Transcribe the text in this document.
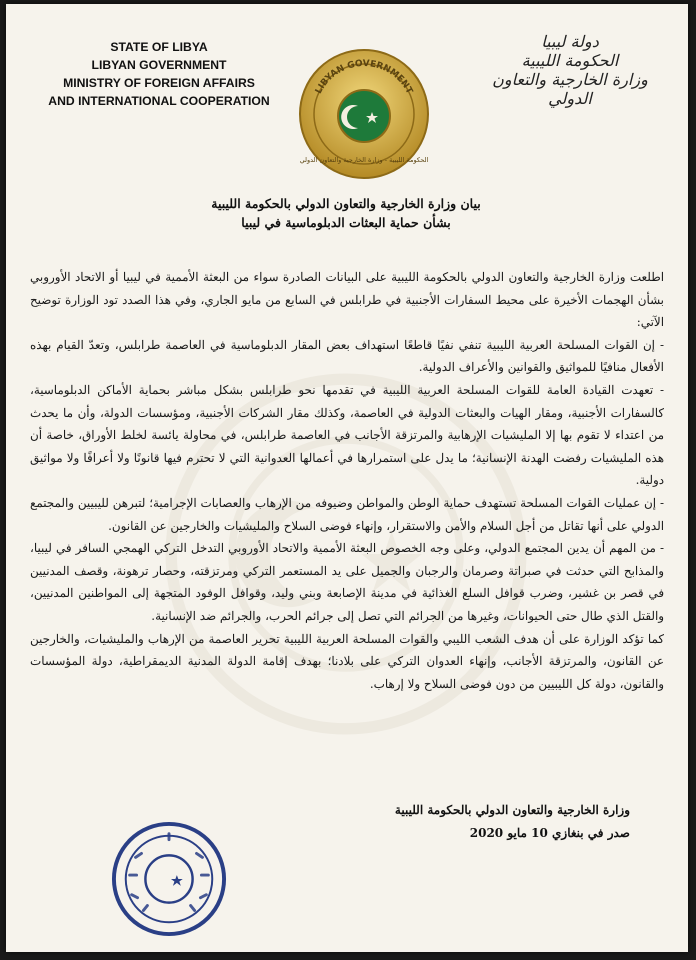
STATE OF LIBYA
LIBYAN GOVERNMENT
MINISTRY OF FOREIGN AFFAIRS
AND INTERNATIONAL COOPERATION
LIBYAN GOVERNMENT
الحكومة الليبية - وزارة الخارجية والتعاون الدولي
دولة ليبيا
الحكومة الليبية
وزارة الخارجية والتعاون الدولي
بيان وزارة الخارجية والتعاون الدولي بالحكومة الليبية
بشأن حماية البعثات الدبلوماسية في ليبيا

اطلعت وزارة الخارجية والتعاون الدولي بالحكومة الليبية على البيانات الصادرة سواء من البعثة الأممية في ليبيا أو الاتحاد الأوروبي بشأن الهجمات الأخيرة على محيط السفارات الأجنبية في طرابلس في السابع من مايو الجاري، وفي هذا الصدد تود الوزارة توضيح الآتي:

- إن القوات المسلحة العربية الليبية تنفي نفيًا قاطعًا استهداف بعض المقار الدبلوماسية في العاصمة طرابلس، وتعدّ القيام بهذه الأفعال منافيًا للمواثيق والقوانين والأعراف الدولية.

- تعهدت القيادة العامة للقوات المسلحة العربية الليبية في تقدمها نحو طرابلس بشكل مباشر بحماية الأماكن الدبلوماسية، كالسفارات الأجنبية، ومقار الهيات والبعثات الدولية في العاصمة، وكذلك مقار الشركات الأجنبية، ومؤسسات الدولة، وأن ما يحدث من اعتداء لا تقوم بها إلا المليشيات الإرهابية والمرتزقة الأجانب في العاصمة طرابلس، في محاولة يائسة لخلط الأوراق، خاصة أن هذه المليشيات رفضت الهدنة الإنسانية؛ ما يدل على استمرارها في أعمالها العدوانية التي لا تحترم فيها قانونًا ولا أعرافًا ولا مواثيق دولية.

- إن عمليات القوات المسلحة تستهدف حماية الوطن والمواطن وضيوفه من الإرهاب والعصابات الإجرامية؛ لتبرهن لليبيين والمجتمع الدولي على أنها تقاتل من أجل السلام والأمن والاستقرار، وإنهاء فوضى السلاح والمليشيات والخارجين عن القانون.

- من المهم أن يدين المجتمع الدولي، وعلى وجه الخصوص البعثة الأممية والاتحاد الأوروبي التدخل التركي الهمجي السافر في ليبيا، والمذابح التي حدثت في صبراتة وصرمان والرجبان والجميل على يد المستعمر التركي ومرتزقته، وحصار ترهونة، وقصف المدنيين في قصر بن غشير، وضرب قوافل السلع الغذائية في مدينة الإصابعة وبني وليد، وقوافل الوفود المتجهة إلى المواطنين المدنيين، والقتل الذي طال حتى الحيوانات، وغيرها من الجرائم التي تصل إلى جرائم الحرب، والجرائم ضد الإنسانية.

كما تؤكد الوزارة على أن هدف الشعب الليبي والقوات المسلحة العربية الليبية تحرير العاصمة من الإرهاب والمليشيات، والخارجين عن القانون، والمرتزقة الأجانب، وإنهاء العدوان التركي على بلادنا؛ بهدف إقامة الدولة المدنية الديمقراطية، دولة المؤسسات والقانون، دولة كل الليبيين من دون فوضى السلاح ولا إرهاب.

وزارة الخارجية والتعاون الدولي بالحكومة الليبية
صدر في بنغازي 10 مايو 2020
